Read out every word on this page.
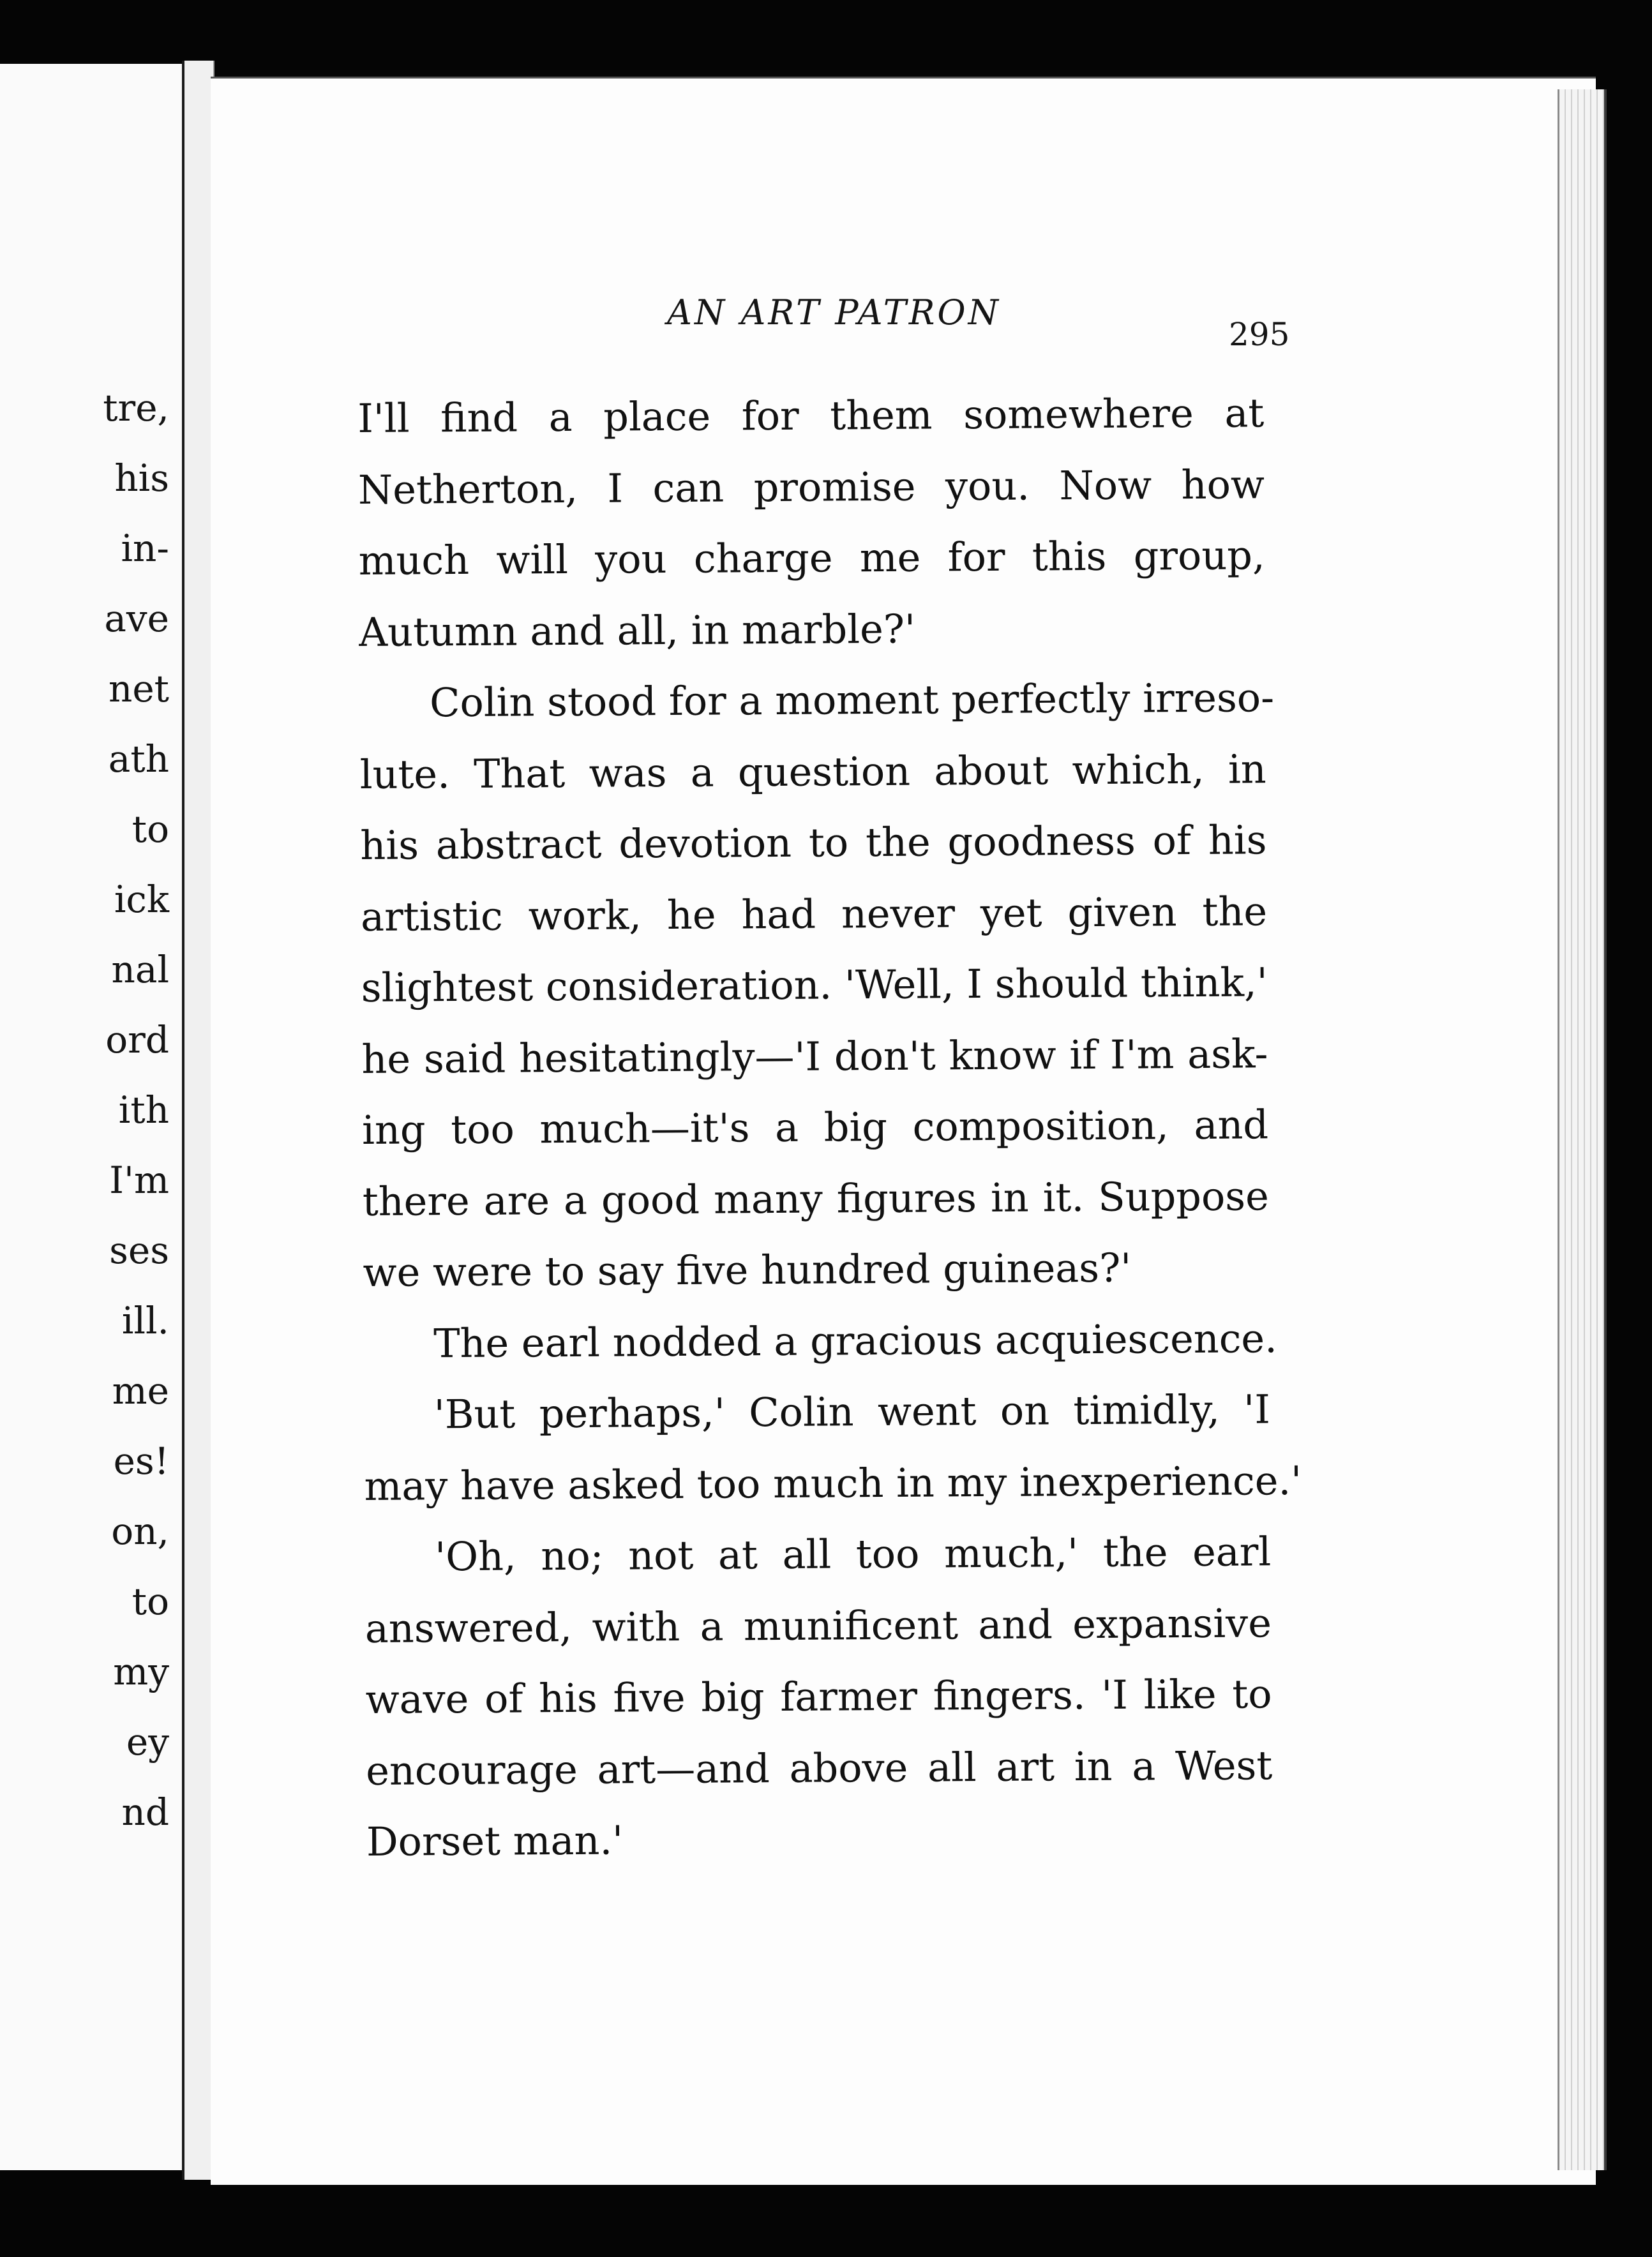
tre,
his
in-
ave
net
ath
to
ick
nal
ord
ith
I'm
ses
ill.
me
es!
on,
to
my
ey
nd
AN ART PATRON
295
I'll find a place for them somewhere at
Netherton, I can promise you. Now how
much will you charge me for this group,
Autumn and all, in marble?'
Colin stood for a moment perfectly irreso-
lute. That was a question about which, in
his abstract devotion to the goodness of his
artistic work, he had never yet given the
slightest consideration. 'Well, I should think,'
he said hesitatingly—'I don't know if I'm ask-
ing too much—it's a big composition, and
there are a good many figures in it. Suppose
we were to say five hundred guineas?'
The earl nodded a gracious acquiescence.
'But perhaps,' Colin went on timidly, 'I
may have asked too much in my inexperience.'
'Oh, no; not at all too much,' the earl
answered, with a munificent and expansive
wave of his five big farmer fingers. 'I like to
encourage art—and above all art in a West
Dorset man.'
